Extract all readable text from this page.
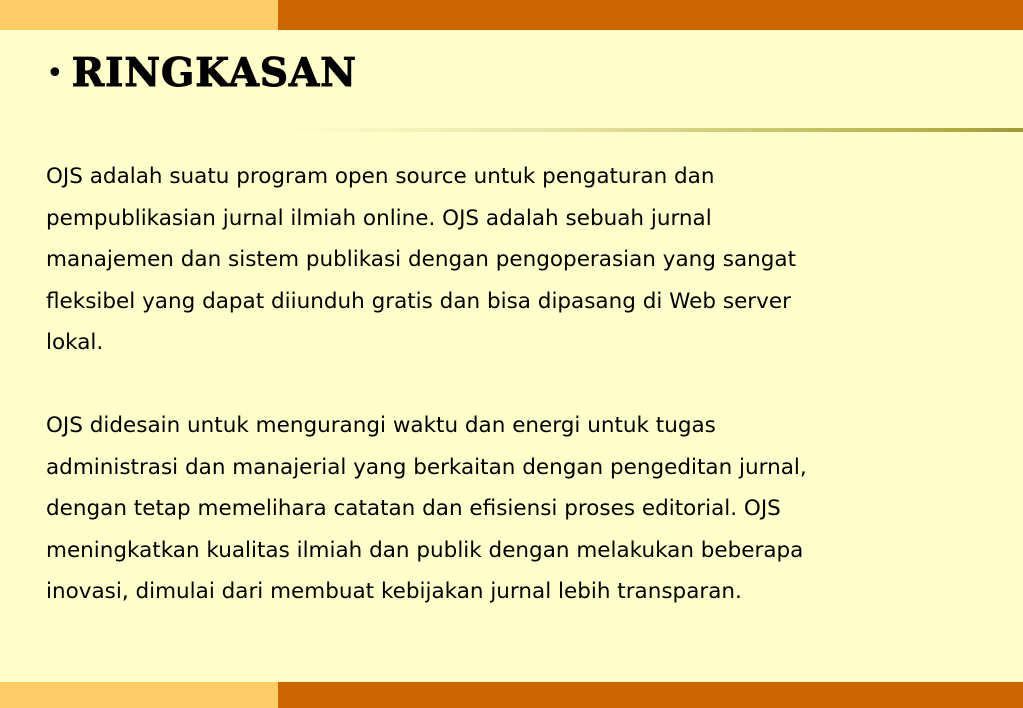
• RINGKASAN

OJS adalah suatu program open source untuk pengaturan dan
pempublikasian jurnal ilmiah online. OJS adalah sebuah jurnal
manajemen dan sistem publikasi dengan pengoperasian yang sangat
fleksibel yang dapat diiunduh gratis dan bisa dipasang di Web server
lokal.

OJS didesain untuk mengurangi waktu dan energi untuk tugas
administrasi dan manajerial yang berkaitan dengan pengeditan jurnal,
dengan tetap memelihara catatan dan efisiensi proses editorial. OJS
meningkatkan kualitas ilmiah dan publik dengan melakukan beberapa
inovasi, dimulai dari membuat kebijakan jurnal lebih transparan.
